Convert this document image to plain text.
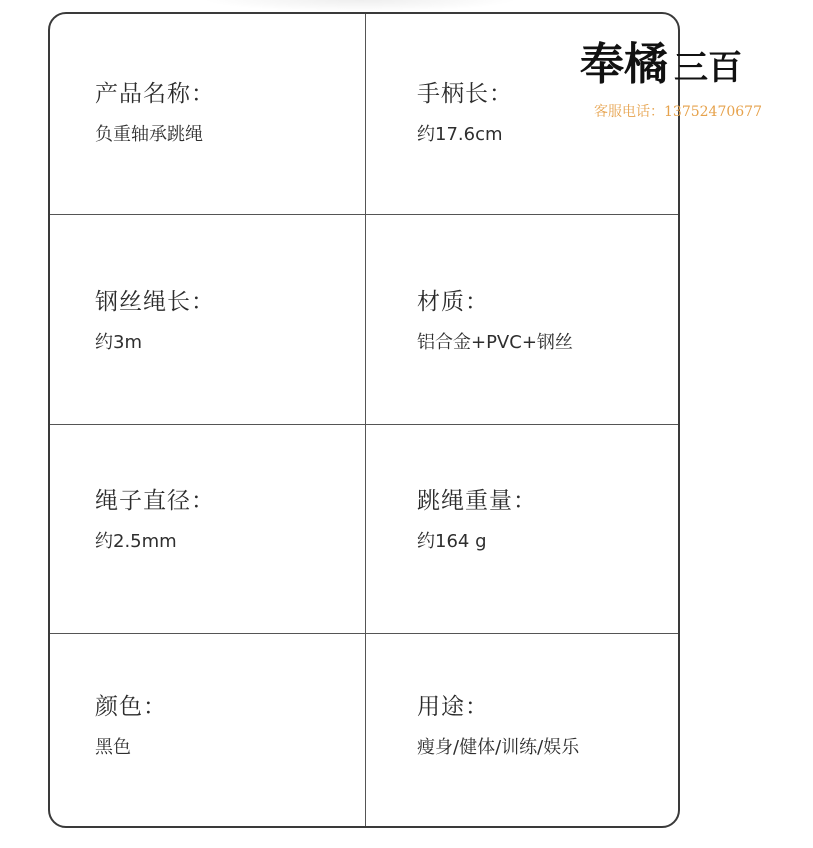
产品名称：
负重轴承跳绳
手柄长：
约17.6cm
钢丝绳长：
约3m
材质：
铝合金+PVC+钢丝
绳子直径：
约2.5mm
跳绳重量：
约164 g
颜色：
黑色
用途：
瘦身/健体/训练/娱乐
奉橘 三百
客服电话：13752470677
